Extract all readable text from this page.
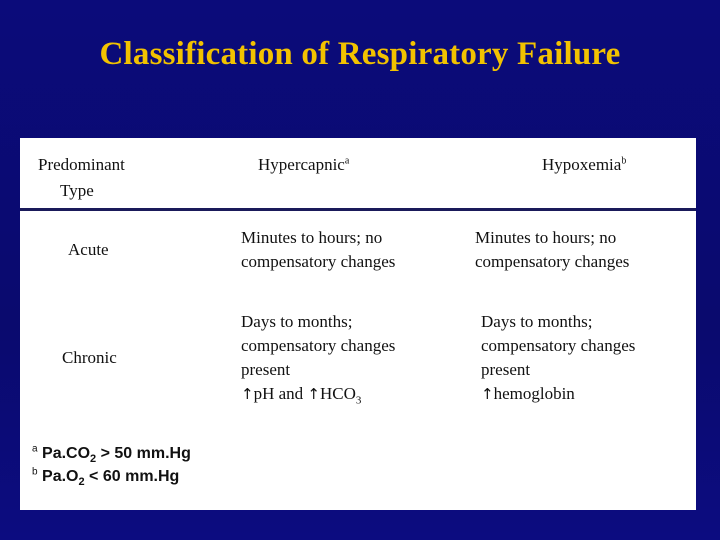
Classification of Respiratory Failure
Predominant
Type
Hypercapnic$^a$	Hypoxemia$^b$
Acute
Minutes to hours; no
compensatory changes
Minutes to hours; no
compensatory changes
Chronic
Days to months;
compensatory changes
present
↑pH and $↑HCO_3$
Days to months;
compensatory changes
present
↑hemoglobin
$^a$ $Pa.CO_2 > 50$ mm.Hg
$^b$ $Pa.O_2 < 60$ mm.Hg
